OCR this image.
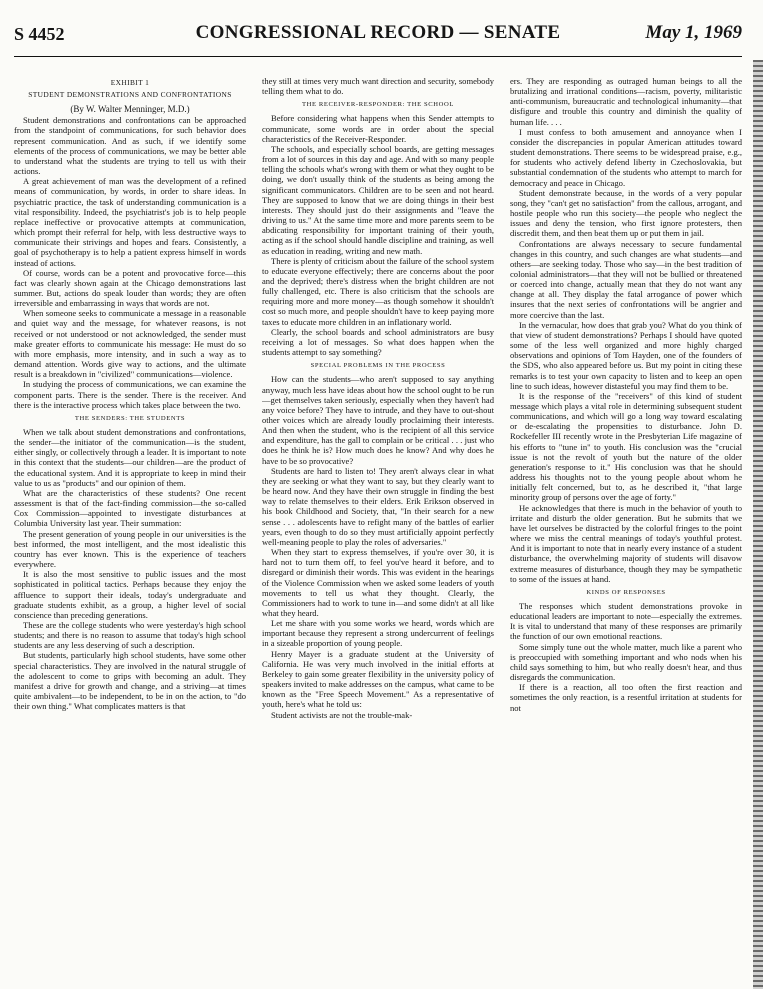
S 4452	CONGRESSIONAL RECORD — SENATE	May 1, 1969

EXHIBIT 1

STUDENT DEMONSTRATIONS AND CONFRONTATIONS

(By W. Walter Menninger, M.D.)

Student demonstrations and confrontations can be approached from the standpoint of communications, for such behavior does represent communication. And as such, if we identify some elements of the process of communications, we may be better able to understand what the students are trying to tell us with their actions.

A great achievement of man was the development of a refined means of communication, by words, in order to share ideas. In psychiatric practice, the task of understanding communication is a vital responsibility. Indeed, the psychiatrist's job is to help people replace ineffective or provocative attempts at communication, which prompt their referral for help, with less destructive ways to communicate their strivings and hopes and fears. Consistently, a goal of psychotherapy is to help a patient express himself in words instead of actions.

Of course, words can be a potent and provocative force—this fact was clearly shown again at the Chicago demonstrations last summer. But, actions do speak louder than words; they are often irreversible and embarrassing in ways that words are not.

When someone seeks to communicate a message in a reasonable and quiet way and the message, for whatever reasons, is not received or not understood or not acknowledged, the sender must make greater efforts to communicate his message: He must do so with more emphasis, more intensity, and in such a way as to demand attention. Words give way to actions, and the ultimate result is a breakdown in "civilized" communications—violence.

In studying the process of communications, we can examine the component parts. There is the sender. There is the receiver. And there is the interactive process which takes place between the two.

THE SENDERS: THE STUDENTS

When we talk about student demonstrations and confrontations, the sender—the initiator of the communication—is the student, either singly, or collectively through a leader. It is important to note in this context that the students—our children—are the product of the educational system. And it is appropriate to keep in mind their value to us as "products" and our opinion of them.

What are the characteristics of these students? One recent assessment is that of the fact-finding commission—the so-called Cox Commission—appointed to investigate disturbances at Columbia University last year. Their summation:

The present generation of young people in our universities is the best informed, the most intelligent, and the most idealistic this country has ever known. This is the experience of teachers everywhere.

It is also the most sensitive to public issues and the most sophisticated in political tactics. Perhaps because they enjoy the affluence to support their ideals, today's undergraduate and graduate students exhibit, as a group, a higher level of social conscience than preceding generations.

These are the college students who were yesterday's high school students; and there is no reason to assume that today's high school students are any less deserving of such a description.

But students, particularly high school students, have some other special characteristics. They are involved in the natural struggle of the adolescent to come to grips with becoming an adult. They manifest a drive for growth and change, and a striving—at times quite ambivalent—to be independent, to be in on the action, to "do their own thing." What complicates matters is that

they still at times very much want direction and security, somebody telling them what to do.

THE RECEIVER-RESPONDER: THE SCHOOL

Before considering what happens when this Sender attempts to communicate, some words are in order about the special characteristics of the Receiver-Responder.

The schools, and especially school boards, are getting messages from a lot of sources in this day and age. And with so many people telling the schools what's wrong with them or what they ought to be doing, we don't usually think of the students as being among the significant communicators. Children are to be seen and not heard. They are supposed to know that we are doing things in their best interests. They should just do their assignments and "leave the driving to us." At the same time more and more parents seem to be abdicating responsibility for important training of their youth, acting as if the school should handle discipline and training, as well as education in reading, writing and new math.

There is plenty of criticism about the failure of the school system to educate everyone effectively; there are concerns about the poor and the deprived; there's distress when the bright children are not fully challenged, etc. There is also criticism that the schools are requiring more and more money—as though somehow it shouldn't cost so much more, and people shouldn't have to keep paying more taxes to educate more children in an inflationary world.

Clearly, the school boards and school administrators are busy receiving a lot of messages. So what does happen when the students attempt to say something?

SPECIAL PROBLEMS IN THE PROCESS

How can the students—who aren't supposed to say anything anyway, much less have ideas about how the school ought to be run—get themselves taken seriously, especially when they haven't had any voice before? They have to intrude, and they have to out-shout other voices which are already loudly proclaiming their interests. And then when the student, who is the recipient of all this service and expenditure, has the gall to complain or be critical . . . just who does he think he is? How much does he know? And why does he have to be so provocative?

Students are hard to listen to! They aren't always clear in what they are seeking or what they want to say, but they clearly want to be heard now. And they have their own struggle in finding the best way to relate themselves to their elders. Erik Erikson observed in his book Childhood and Society, that, "In their search for a new sense . . . adolescents have to refight many of the battles of earlier years, even though to do so they must artificially appoint perfectly well-meaning people to play the roles of adversaries."

When they start to express themselves, if you're over 30, it is hard not to turn them off, to feel you've heard it before, and to disregard or diminish their words. This was evident in the hearings of the Violence Commission when we asked some leaders of youth movements to tell us what they thought. Clearly, the Commissioners had to work to tune in—and some didn't at all like what they heard.

Let me share with you some works we heard, words which are important because they represent a strong undercurrent of feelings in a sizeable proportion of young people.

Henry Mayer is a graduate student at the University of California. He was very much involved in the initial efforts at Berkeley to gain some greater flexibility in the university policy of speakers invited to make addresses on the campus, what came to be known as the "Free Speech Movement." As a representative of youth, here's what he told us:

Student activists are not the trouble-mak-

ers. They are responding as outraged human beings to all the brutalizing and irrational conditions—racism, poverty, militaristic anti-communism, bureaucratic and technological inhumanity—that disfigure and trouble this country and diminish the quality of human life. . . .

I must confess to both amusement and annoyance when I consider the discrepancies in popular American attitudes toward student demonstrations. There seems to be widespread praise, e.g., for students who actively defend liberty in Czechoslovakia, but substantial condemnation of the students who attempt to march for democracy and peace in Chicago.

Student demonstrate because, in the words of a very popular song, they "can't get no satisfaction" from the callous, arrogant, and hostile people who run this society—the people who neglect the issues and deny the tension, who first ignore protesters, then discredit them, and then beat them up or put them in jail.

Confrontations are always necessary to secure fundamental changes in this country, and such changes are what students—and others—are seeking today. Those who say—in the best tradition of colonial administrators—that they will not be bullied or threatened or coerced into change, actually mean that they do not want any change at all. They display the fatal arrogance of power which insures that the next series of confrontations will be angrier and more coercive than the last.

In the vernacular, how does that grab you? What do you think of that view of student demonstrations? Perhaps I should have quoted some of the less well organized and more highly charged observations and opinions of Tom Hayden, one of the founders of the SDS, who also appeared before us. But my point in citing these remarks is to test your own capacity to listen and to keep an open line to such ideas, however distasteful you may find them to be.

It is the response of the "receivers" of this kind of student message which plays a vital role in determining subsequent student communications, and which will go a long way toward escalating or de-escalating the propensities to disturbance. John D. Rockefeller III recently wrote in the Presbyterian Life magazine of his efforts to "tune in" to youth. His conclusion was the "crucial issue is not the revolt of youth but the nature of the older generation's response to it." His conclusion was that he should address his thoughts not to the young people about whom he initially felt concerned, but to, as he described it, "that large minority group of persons over the age of forty."

He acknowledges that there is much in the behavior of youth to irritate and disturb the older generation. But he submits that we have let ourselves be distracted by the colorful fringes to the point where we miss the central meanings of today's youthful protest. And it is important to note that in nearly every instance of a student disturbance, the overwhelming majority of students will disavow extreme measures of disturbance, though they may be sympathetic to some of the issues at hand.

KINDS OF RESPONSES

The responses which student demonstrations provoke in educational leaders are important to note—especially the extremes. It is vital to understand that many of these responses are primarily the function of our own emotional reactions.

Some simply tune out the whole matter, much like a parent who is preoccupied with something important and who nods when his child says something to him, but who really doesn't hear, and thus disregards the communication.

If there is a reaction, all too often the first reaction and sometimes the only reaction, is a resentful irritation at students for not
